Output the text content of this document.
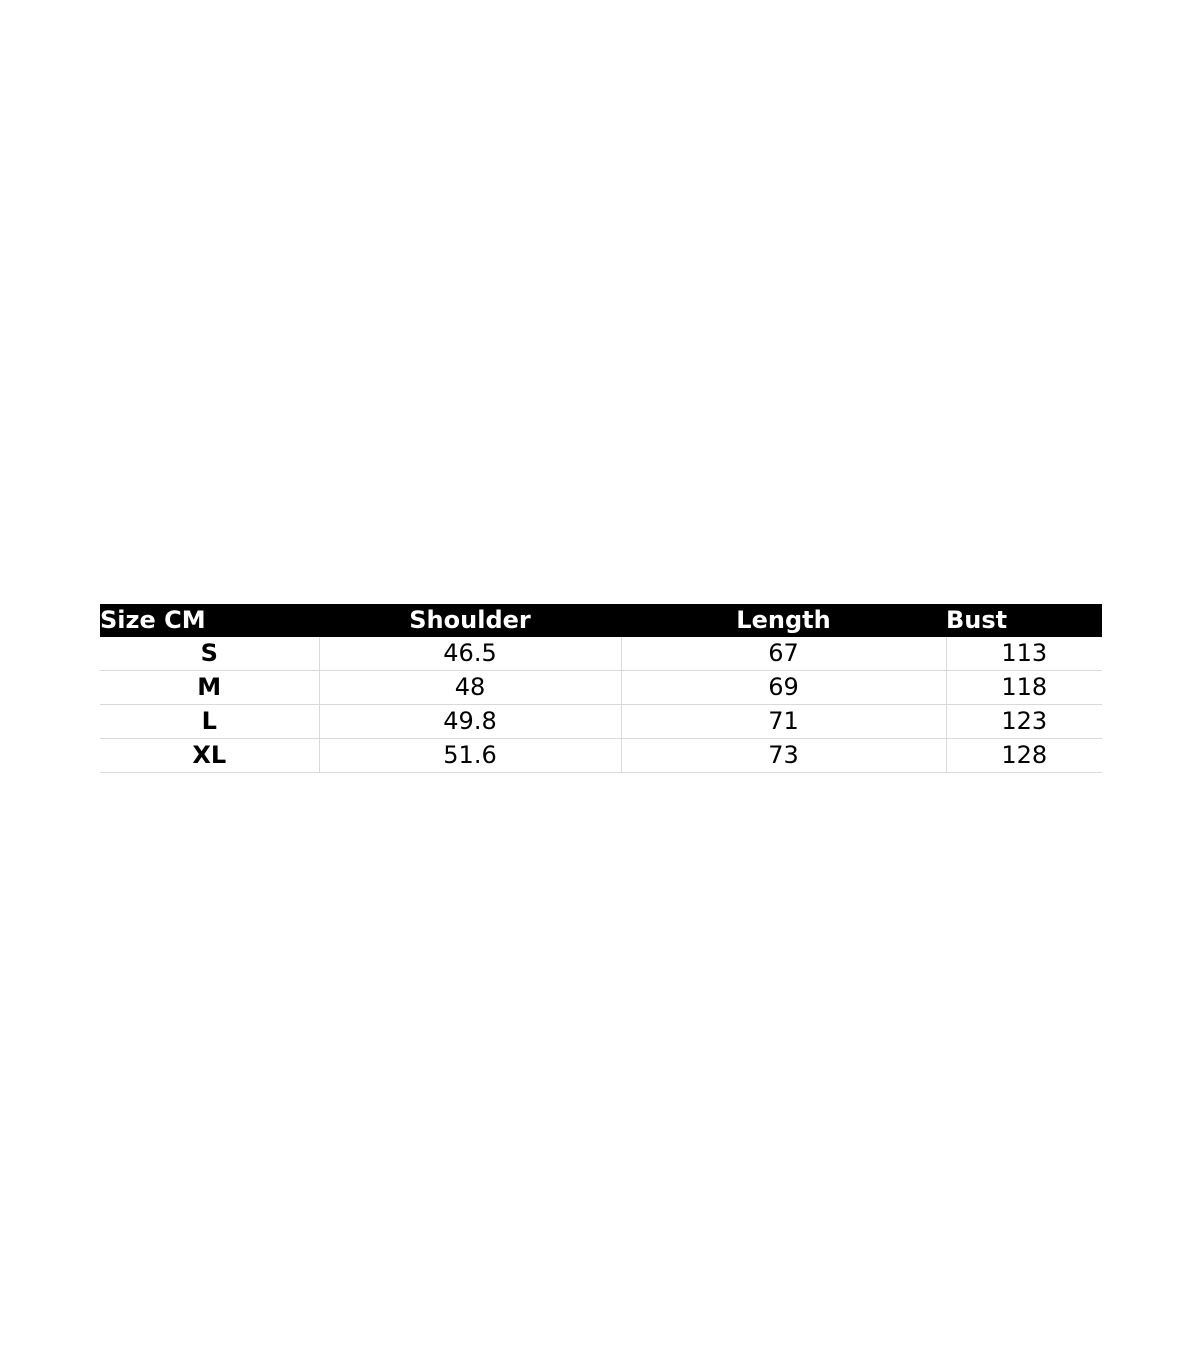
Size CM	Shoulder	Length	Bust
S	46.5	67	113
M	48	69	118
L	49.8	71	123
XL	51.6	73	128
